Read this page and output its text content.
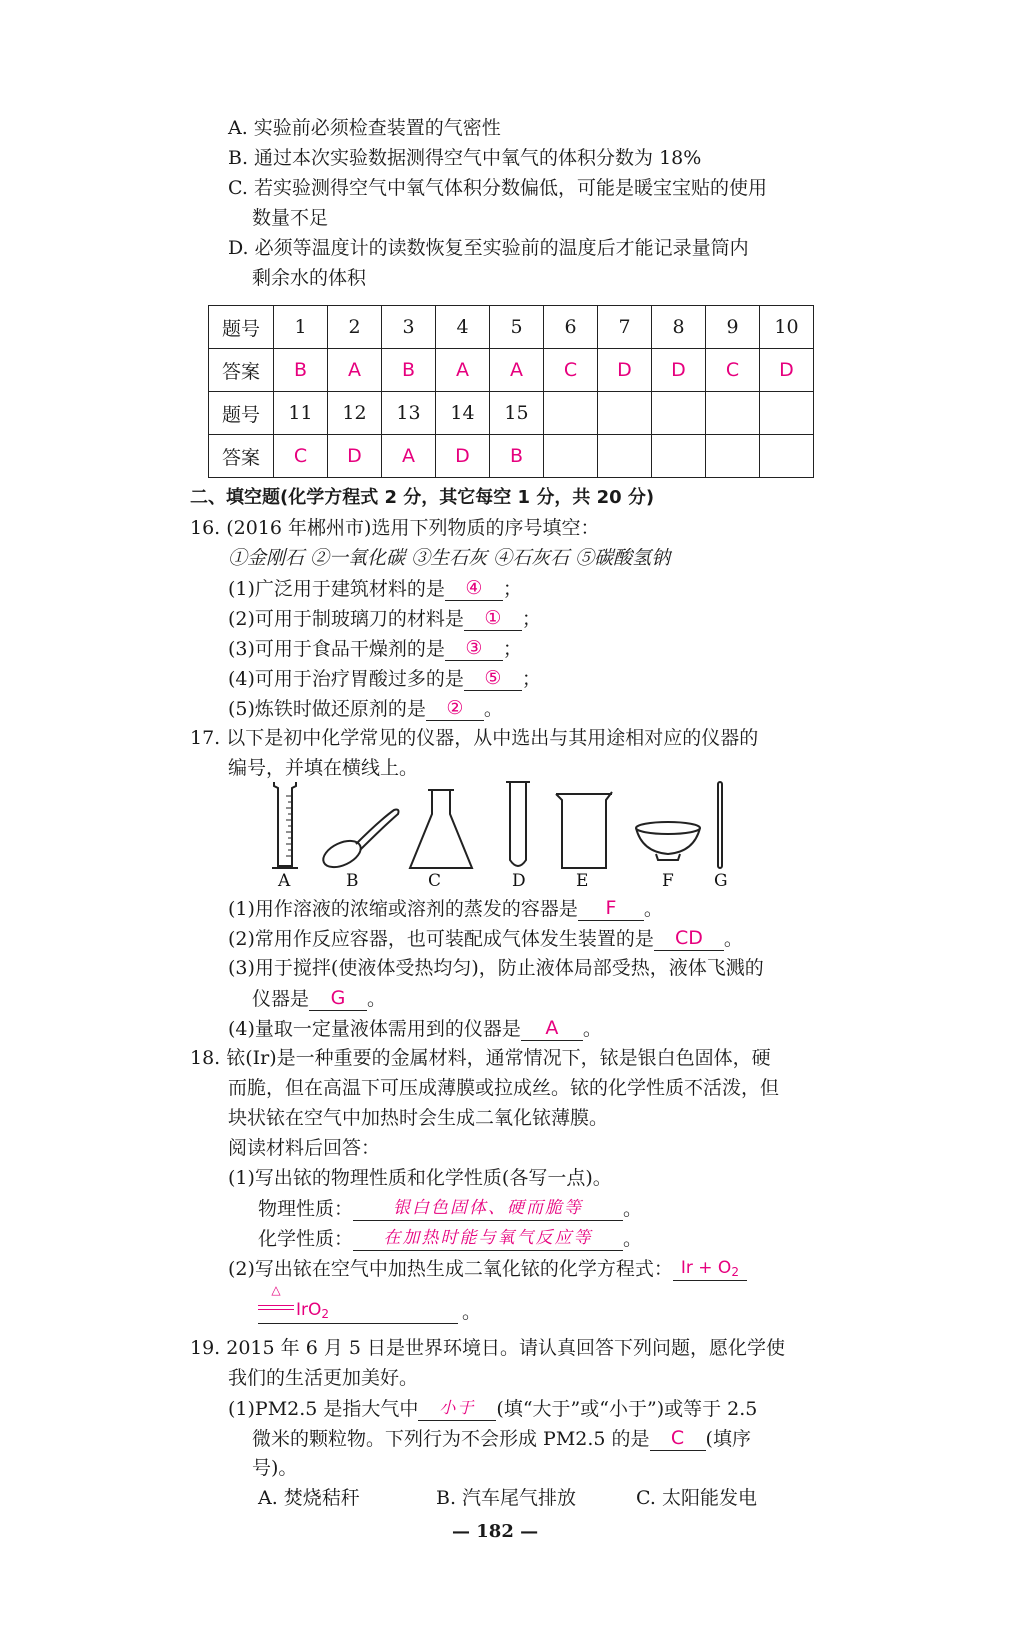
A. 实验前必须检查装置的气密性
B. 通过本次实验数据测得空气中氧气的体积分数为 18%
C. 若实验测得空气中氧气体积分数偏低，可能是暖宝宝贴的使用
数量不足
D. 必须等温度计的读数恢复至实验前的温度后才能记录量筒内
剩余水的体积
题号	1	2	3	4	5	6	7	8	9	10
答案	B	A	B	A	A	C	D	D	C	D
题号	11	12	13	14	15					
答案	C	D	A	D	B					
二、填空题(化学方程式 2 分，其它每空 1 分，共 20 分)
16. (2016 年郴州市)选用下列物质的序号填空：
①金刚石 ②一氧化碳 ③生石灰 ④石灰石 ⑤碳酸氢钠
(1)广泛用于建筑材料的是 ④ ；
(2)可用于制玻璃刀的材料是 ① ；
(3)可用于食品干燥剂的是 ③ ；
(4)可用于治疗胃酸过多的是 ⑤ ；
(5)炼铁时做还原剂的是 ② 。
17. 以下是初中化学常见的仪器，从中选出与其用途相对应的仪器的
编号，并填在横线上。
A	B	C	D	E	F G
(1)用作溶液的浓缩或溶剂的蒸发的容器是 F 。
(2)常用作反应容器，也可装配成气体发生装置的是 CD 。
(3)用于搅拌(使液体受热均匀)，防止液体局部受热，液体飞溅的
仪器是 G 。
(4)量取一定量液体需用到的仪器是 A 。
18. 铱(Ir)是一种重要的金属材料，通常情况下，铱是银白色固体，硬
而脆，但在高温下可压成薄膜或拉成丝。铱的化学性质不活泼，但
块状铱在空气中加热时会生成二氧化铱薄膜。
阅读材料后回答：
(1)写出铱的物理性质和化学性质(各写一点)。
物理性质： 银白色固体、硬而脆等 。
化学性质： 在加热时能与氧气反应等 。
(2)写出铱在空气中加热生成二氧化铱的化学方程式： $Ir + O_2$
△
IrO$_2$	。
19. 2015 年 6 月 5 日是世界环境日。请认真回答下列问题，愿化学使
我们的生活更加美好。
(1)PM2.5 是指大气中 小于 (填“大于”或“小于”)或等于 2.5
微米的颗粒物。下列行为不会形成 PM2.5 的是 C (填序
号)。
A. 焚烧秸秆	B. 汽车尾气排放	C. 太阳能发电
— 182 —
